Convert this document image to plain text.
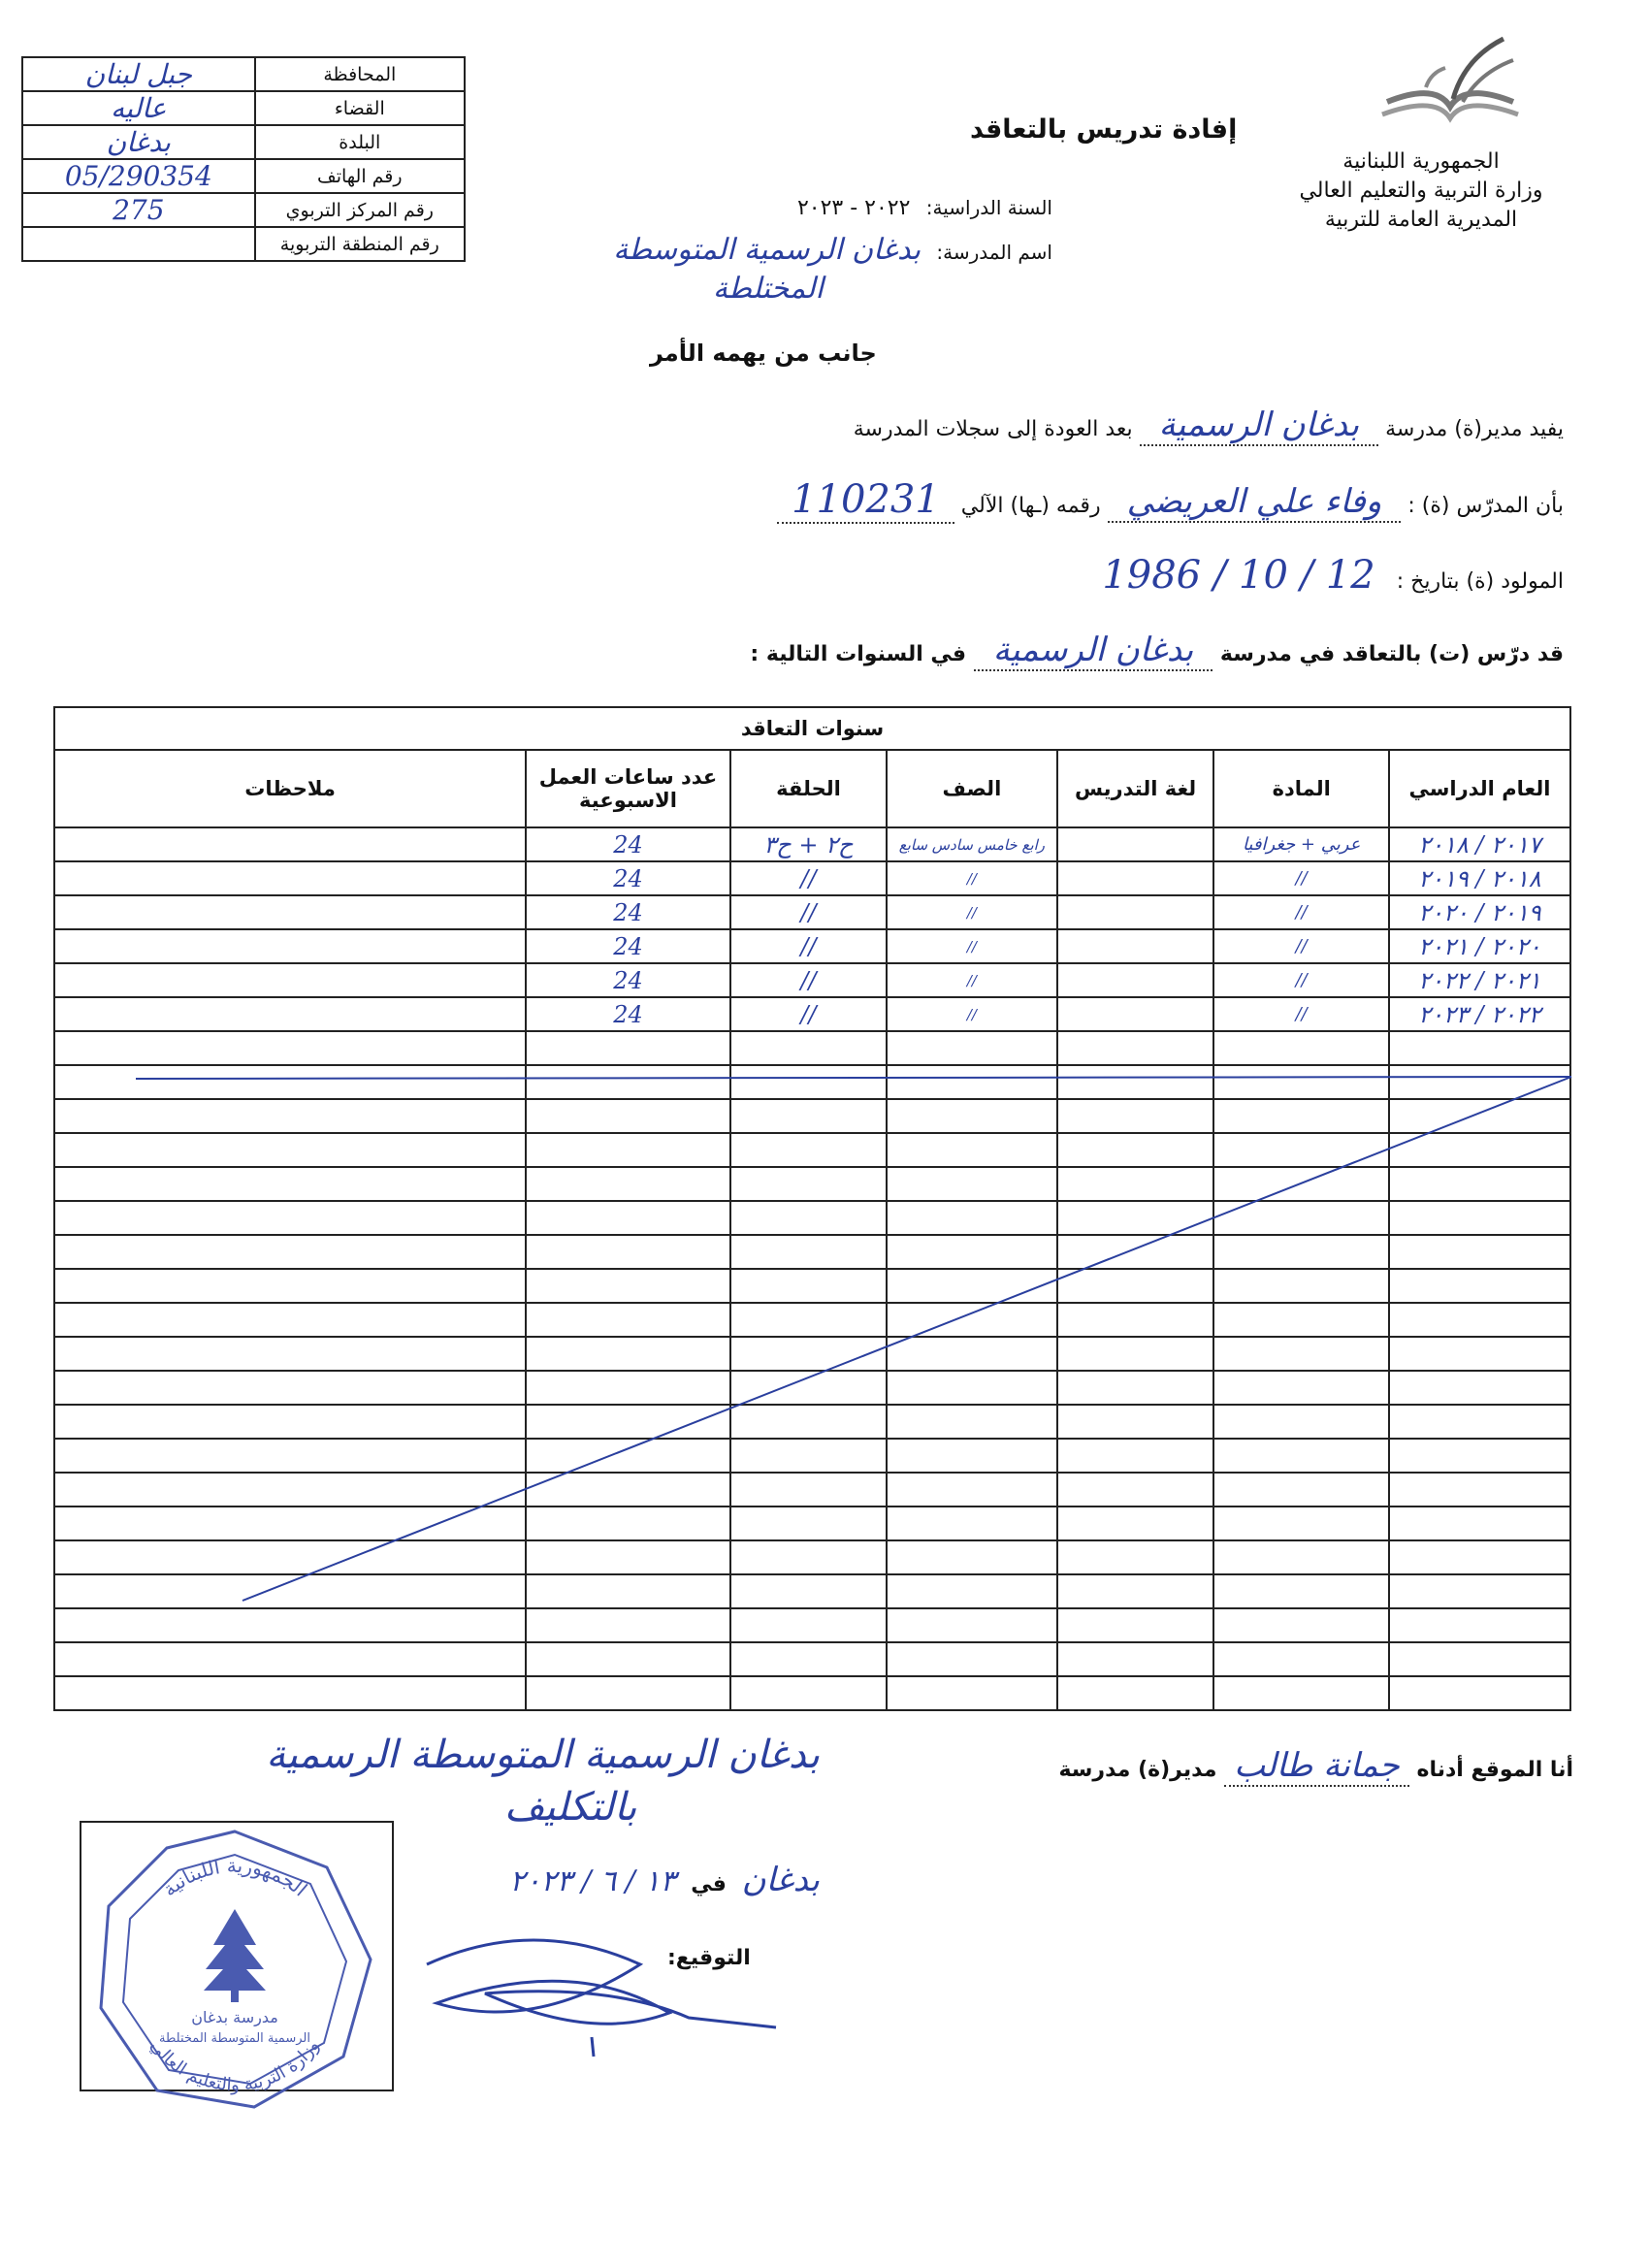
جبل لبنان	المحافظة
عاليه	القضاء
بدغان	البلدة
05/290354	رقم الهاتف
275	رقم المركز التربوي
	رقم المنطقة التربوية
الجمهورية اللبنانية
وزارة التربية والتعليم العالي
المديرية العامة للتربية
إفادة تدريس بالتعاقد
السنة الدراسية: ٢٠٢٢ - ٢٠٢٣
اسم المدرسة: بدغان الرسمية المتوسطة
المختلطة
جانب من يهمه الأمر
يفيد مدير(ة) مدرسة بدغان الرسمية بعد العودة إلى سجلات المدرسة
بأن المدرّس (ة) : وفاء علي العريضي رقمه (ـها) الآلي 110231
المولود (ة) بتاريخ : 1986 / 10 / 12
قد درّس (ت) بالتعاقد في مدرسة بدغان الرسمية في السنوات التالية :
سنوات التعاقد						
العام الدراسي	المادة	لغة التدريس	الصف	الحلقة	عدد ساعات العمل الاسبوعية	ملاحظات
٢٠١٧ / ٢٠١٨	عربي + جغرافيا		رابع خامس سادس سابع	ح٢ + ح٣	24	
٢٠١٨ / ٢٠١٩	//		//	//	24	
٢٠١٩ / ٢٠٢٠	//		//	//	24	
٢٠٢٠ / ٢٠٢١	//		//	//	24	
٢٠٢١ / ٢٠٢٢	//		//	//	24	
٢٠٢٢ / ٢٠٢٣	//		//	//	24	

أنا الموقع أدناه جمانة طالب مدير(ة) مدرسة
بدغان الرسمية المتوسطة الرسمية
بالتكليف
بدغان في ١٣ / ٦ / ٢٠٢٣
التوقيع:
الجمهورية اللبنانية
وزارة التربية والتعليم العالي
مدرسة بدغان
الرسمية المتوسطة المختلطة
